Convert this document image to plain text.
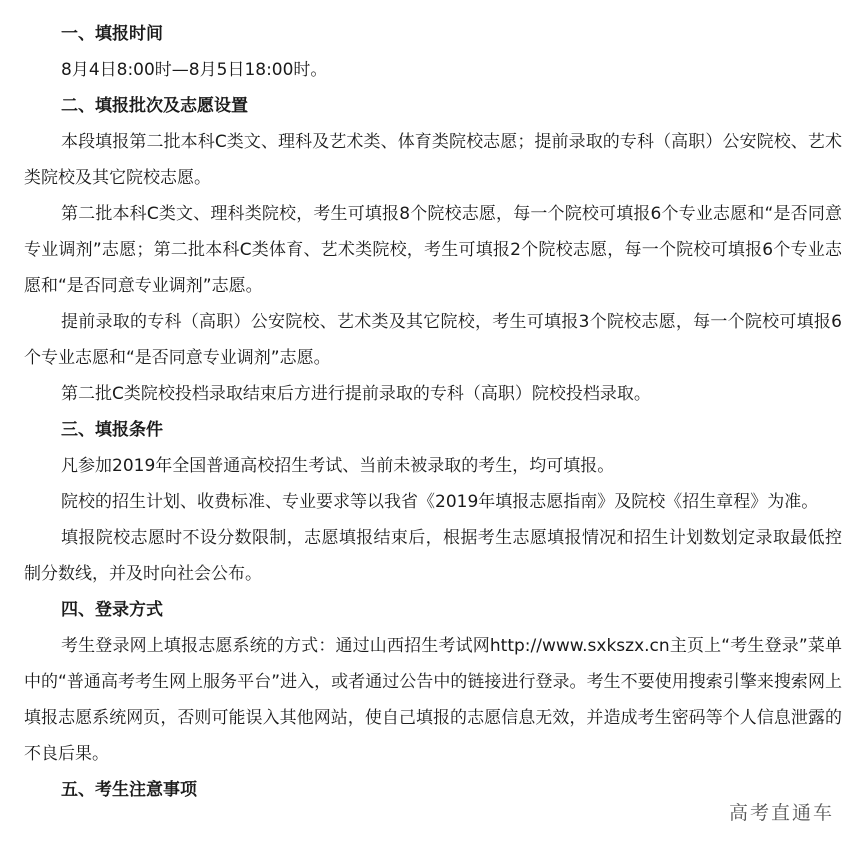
一、填报时间

8月4日8:00时—8月5日18:00时。

二、填报批次及志愿设置

本段填报第二批本科C类文、理科及艺术类、体育类院校志愿；提前录取的专科（高职）公安院校、艺术类院校及其它院校志愿。

第二批本科C类文、理科类院校，考生可填报8个院校志愿，每一个院校可填报6个专业志愿和“是否同意专业调剂”志愿；第二批本科C类体育、艺术类院校，考生可填报2个院校志愿，每一个院校可填报6个专业志愿和“是否同意专业调剂”志愿。

提前录取的专科（高职）公安院校、艺术类及其它院校，考生可填报3个院校志愿，每一个院校可填报6个专业志愿和“是否同意专业调剂”志愿。

第二批C类院校投档录取结束后方进行提前录取的专科（高职）院校投档录取。

三、填报条件

凡参加2019年全国普通高校招生考试、当前未被录取的考生，均可填报。

院校的招生计划、收费标准、专业要求等以我省《2019年填报志愿指南》及院校《招生章程》为准。

填报院校志愿时不设分数限制，志愿填报结束后，根据考生志愿填报情况和招生计划数划定录取最低控制分数线，并及时向社会公布。

四、登录方式

考生登录网上填报志愿系统的方式：通过山西招生考试网http://www.sxkszx.cn主页上“考生登录”菜单中的“普通高考考生网上服务平台”进入，或者通过公告中的链接进行登录。考生不要使用搜索引擎来搜索网上填报志愿系统网页，否则可能误入其他网站，使自己填报的志愿信息无效，并造成考生密码等个人信息泄露的不良后果。

五、考生注意事项

高考直通车
